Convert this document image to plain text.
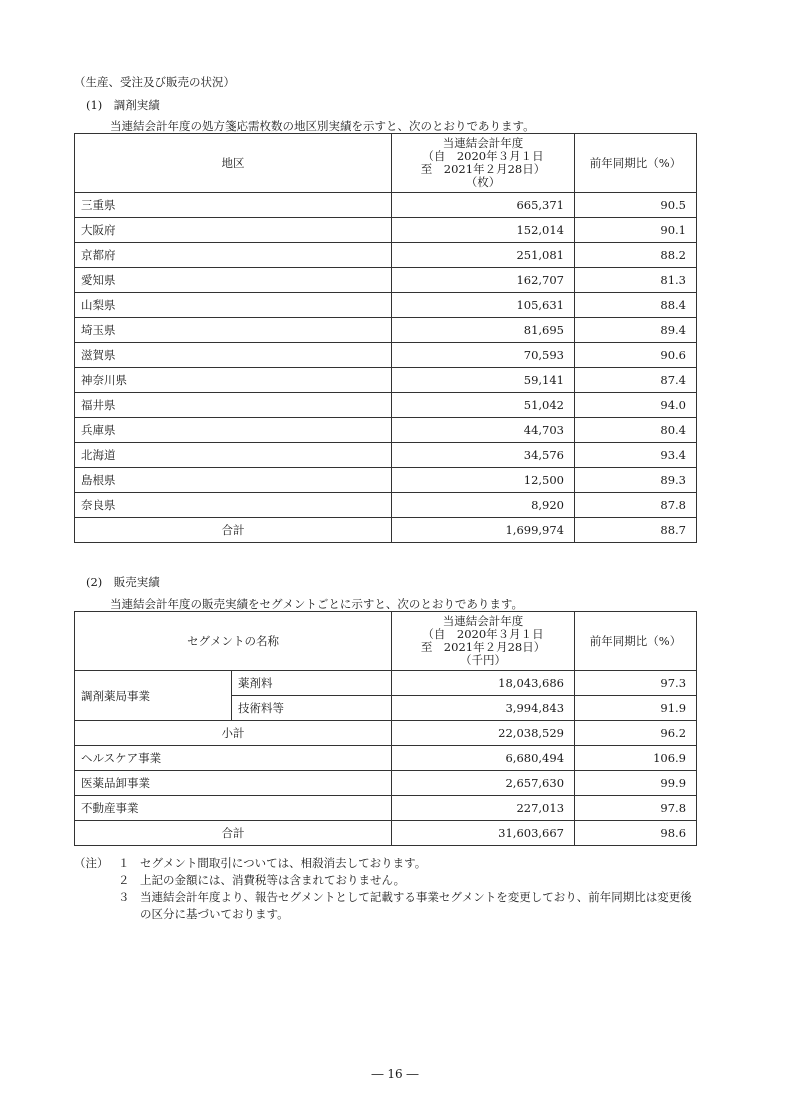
（生産、受注及び販売の状況）
(1)　調剤実績
当連結会計年度の処方箋応需枚数の地区別実績を示すと、次のとおりであります。
地区	当連結会計年度
（自　2020年３月１日
至　2021年２月28日）
（枚）	前年同期比（%）
三重県	665,371	90.5
大阪府	152,014	90.1
京都府	251,081	88.2
愛知県	162,707	81.3
山梨県	105,631	88.4
埼玉県	81,695	89.4
滋賀県	70,593	90.6
神奈川県	59,141	87.4
福井県	51,042	94.0
兵庫県	44,703	80.4
北海道	34,576	93.4
島根県	12,500	89.3
奈良県	8,920	87.8
合計	1,699,974	88.7
(2)　販売実績
当連結会計年度の販売実績をセグメントごとに示すと、次のとおりであります。
セグメントの名称		当連結会計年度
（自　2020年３月１日
至　2021年２月28日）
（千円）	前年同期比（%）
調剤薬局事業	薬剤料	18,043,686	97.3
	技術料等	3,994,843	91.9
小計		22,038,529	96.2
ヘルスケア事業		6,680,494	106.9
医薬品卸事業		2,657,630	99.9
不動産事業		227,013	97.8
合計		31,603,667	98.6
（注） １ セグメント間取引については、相殺消去しております。
２ 上記の金額には、消費税等は含まれておりません。
３ 当連結会計年度より、報告セグメントとして記載する事業セグメントを変更しており、前年同期比は変更後
の区分に基づいております。
― 16 ―
